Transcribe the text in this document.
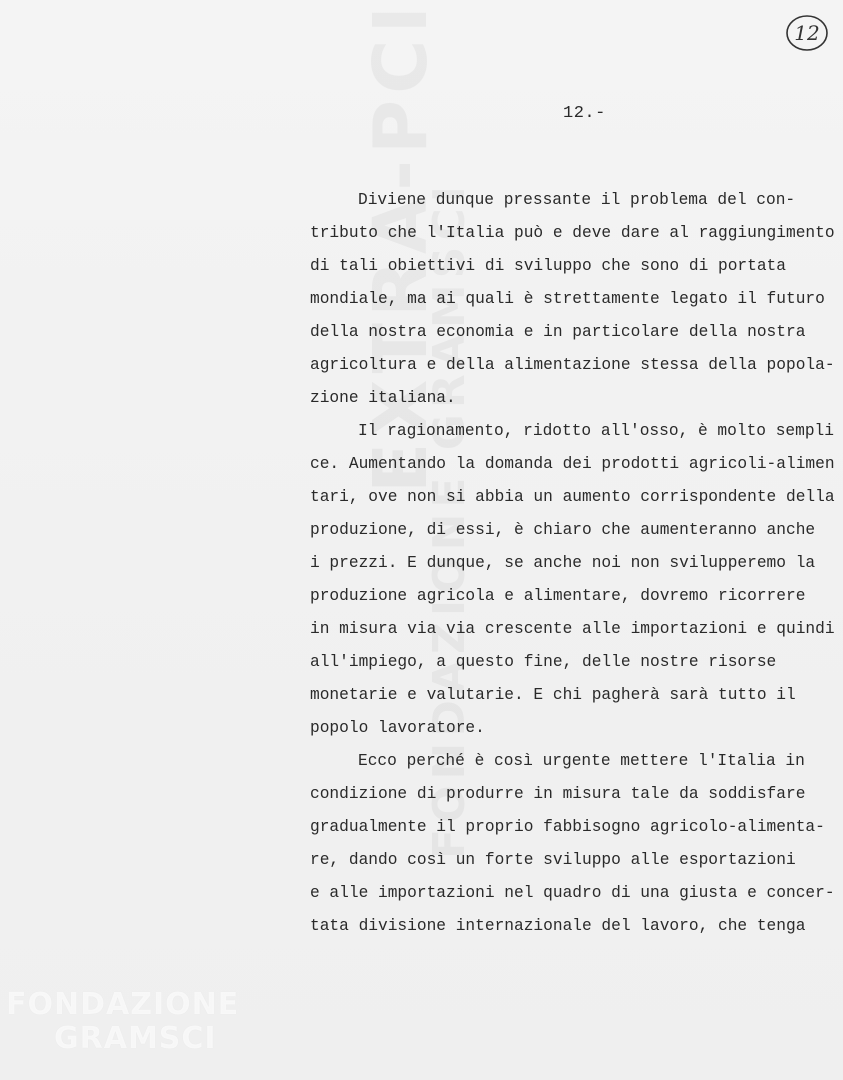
FONDAZIONE
GRAMSCI
12
12.-
Diviene dunque pressante il problema del con-
tributo che l'Italia può e deve dare al raggiungimento
di tali obiettivi di sviluppo che sono di portata
mondiale, ma ai quali è strettamente legato il futuro
della nostra economia e in particolare della nostra
agricoltura e della alimentazione stessa della popola-
zione italiana.
Il ragionamento, ridotto all'osso, è molto sempli
ce. Aumentando la domanda dei prodotti agricoli-alimen
tari, ove non si abbia un aumento corrispondente della
produzione, di essi, è chiaro che aumenteranno anche
i prezzi. E dunque, se anche noi non svilupperemo la
produzione agricola e alimentare, dovremo ricorrere
in misura via via crescente alle importazioni e quindi
all'impiego, a questo fine, delle nostre risorse
monetarie e valutarie. E chi pagherà sarà tutto il
popolo lavoratore.
Ecco perché è così urgente mettere l'Italia in
condizione di produrre in misura tale da soddisfare
gradualmente il proprio fabbisogno agricolo-alimenta-
re, dando così un forte sviluppo alle esportazioni
e alle importazioni nel quadro di una giusta e concer-
tata divisione internazionale del lavoro, che tenga
